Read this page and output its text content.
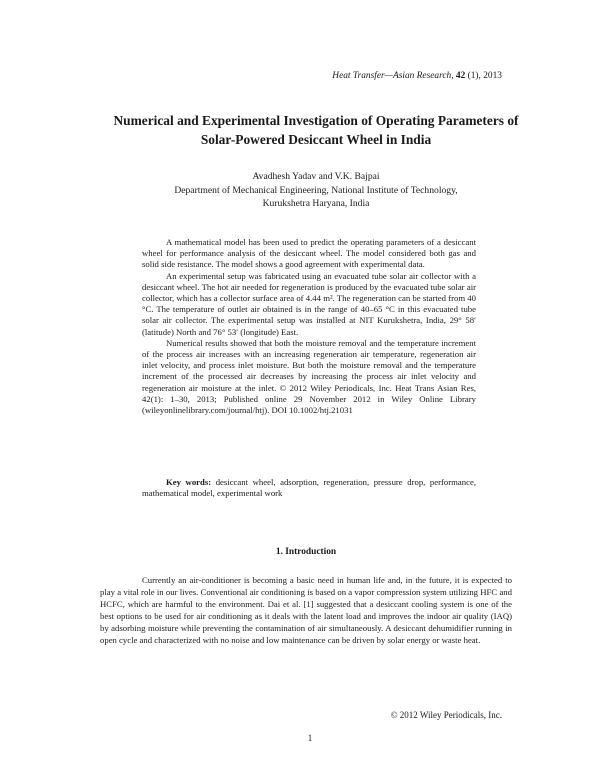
Heat Transfer—Asian Research, 42 (1), 2013
Numerical and Experimental Investigation of Operating Parameters of Solar-Powered Desiccant Wheel in India
Avadhesh Yadav and V.K. Bajpai
Department of Mechanical Engineering, National Institute of Technology,
Kurukshetra Haryana, India

A mathematical model has been used to predict the operating parameters of a desiccant wheel for performance analysis of the desiccant wheel. The model considered both gas and solid side resistance. The model shows a good agreement with experimental data.

An experimental setup was fabricated using an evacuated tube solar air collector with a desiccant wheel. The hot air needed for regeneration is produced by the evacuated tube solar air collector, which has a collector surface area of 4.44 m². The regeneration can be started from 40 °C. The temperature of outlet air obtained is in the range of 40–65 °C in this evacuated tube solar air collector. The experimental setup was installed at NIT Kurukshetra, India, 29° 58′ (latitude) North and 76° 53′ (longitude) East.

Numerical results showed that both the moisture removal and the temperature increment of the process air increases with an increasing regeneration air temperature, regeneration air inlet velocity, and process inlet moisture. But both the moisture removal and the temperature increment of the processed air decreases by increasing the process air inlet velocity and regeneration air moisture at the inlet. © 2012 Wiley Periodicals, Inc. Heat Trans Asian Res, 42(1): 1–30, 2013; Published online 29 November 2012 in Wiley Online Library (wileyonlinelibrary.com/journal/htj). DOI 10.1002/htj.21031

Key words: desiccant wheel, adsorption, regeneration, pressure drop, performance, mathematical model, experimental work
1. Introduction
Currently an air-conditioner is becoming a basic need in human life and, in the future, it is expected to play a vital role in our lives. Conventional air conditioning is based on a vapor compression system utilizing HFC and HCFC, which are harmful to the environment. Dai et al. [1] suggested that a desiccant cooling system is one of the best options to be used for air conditioning as it deals with the latent load and improves the indoor air quality (IAQ) by adsorbing moisture while preventing the contamination of air simultaneously. A desiccant dehumidifier running in open cycle and characterized with no noise and low maintenance can be driven by solar energy or waste heat.
© 2012 Wiley Periodicals, Inc.
1
